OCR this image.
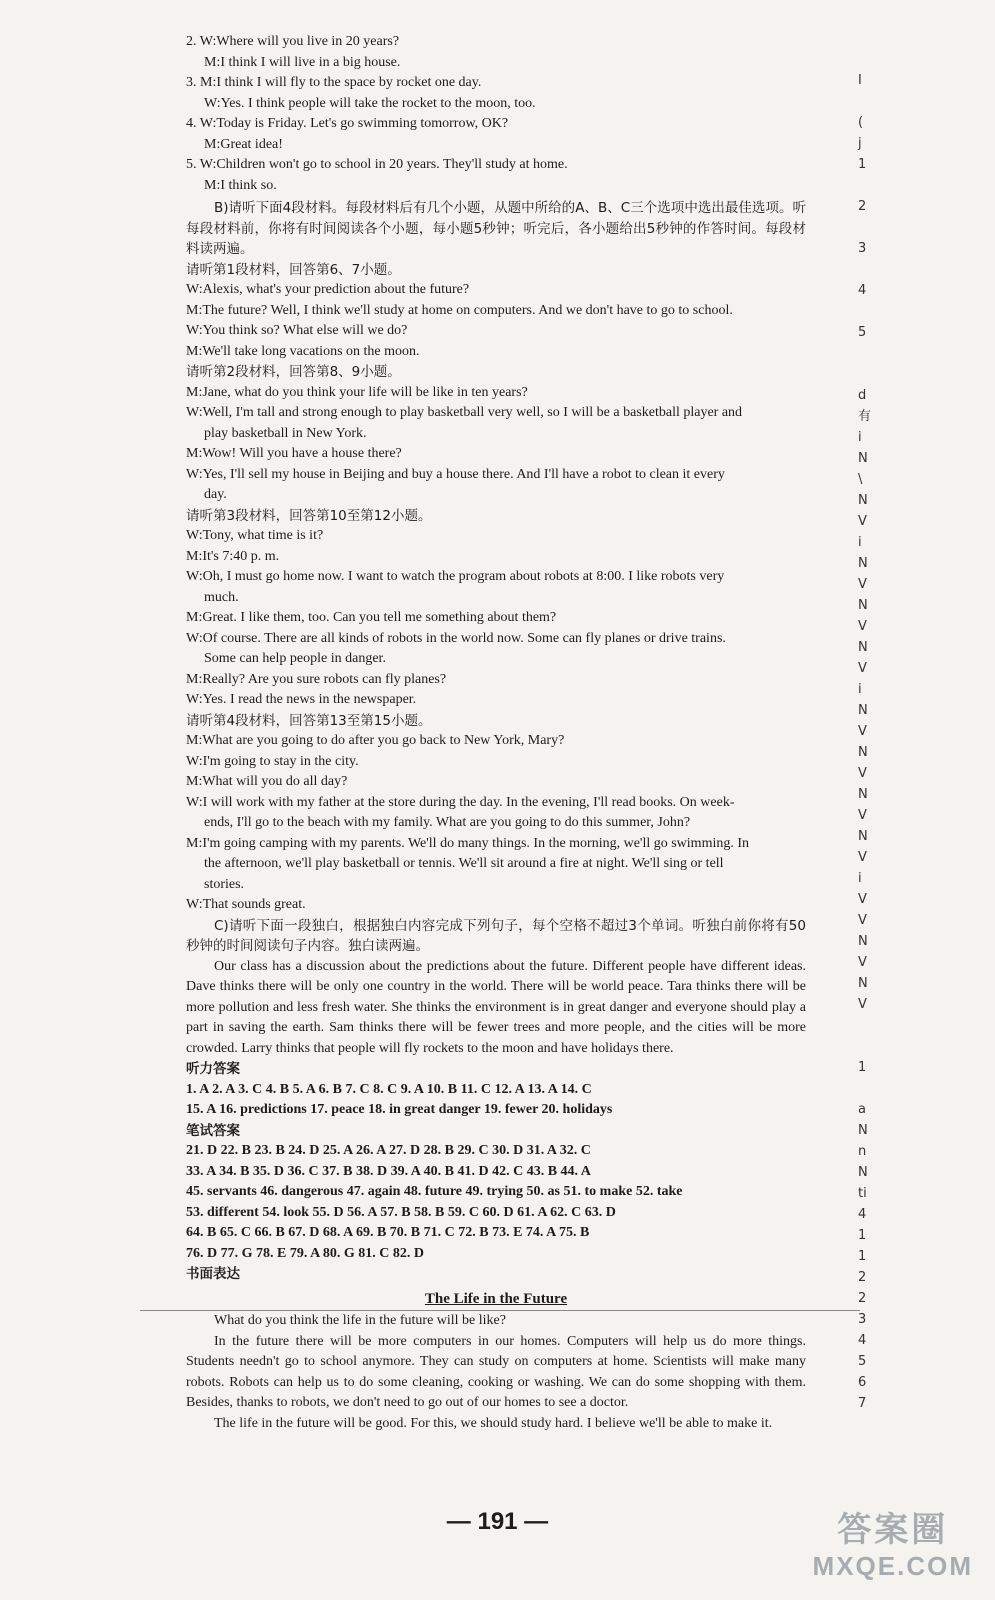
2. W:Where will you live in 20 years?
M:I think I will live in a big house.
3. M:I think I will fly to the space by rocket one day.
W:Yes. I think people will take the rocket to the moon, too.
4. W:Today is Friday. Let's go swimming tomorrow, OK?
M:Great idea!
5. W:Children won't go to school in 20 years. They'll study at home.
M:I think so.
B)请听下面4段材料。每段材料后有几个小题，从题中所给的A、B、C三个选项中选出最佳选项。听每段材料前，你将有时间阅读各个小题，每小题5秒钟；听完后，各小题给出5秒钟的作答时间。每段材料读两遍。
请听第1段材料，回答第6、7小题。
W:Alexis, what's your prediction about the future?
M:The future? Well, I think we'll study at home on computers. And we don't have to go to school.
W:You think so? What else will we do?
M:We'll take long vacations on the moon.
请听第2段材料，回答第8、9小题。
M:Jane, what do you think your life will be like in ten years?
W:Well, I'm tall and strong enough to play basketball very well, so I will be a basketball player and
play basketball in New York.
M:Wow! Will you have a house there?
W:Yes, I'll sell my house in Beijing and buy a house there. And I'll have a robot to clean it every
day.
请听第3段材料，回答第10至第12小题。
W:Tony, what time is it?
M:It's 7:40 p. m.
W:Oh, I must go home now. I want to watch the program about robots at 8:00. I like robots very
much.
M:Great. I like them, too. Can you tell me something about them?
W:Of course. There are all kinds of robots in the world now. Some can fly planes or drive trains.
Some can help people in danger.
M:Really? Are you sure robots can fly planes?
W:Yes. I read the news in the newspaper.
请听第4段材料，回答第13至第15小题。
M:What are you going to do after you go back to New York, Mary?
W:I'm going to stay in the city.
M:What will you do all day?
W:I will work with my father at the store during the day. In the evening, I'll read books. On week-
ends, I'll go to the beach with my family. What are you going to do this summer, John?
M:I'm going camping with my parents. We'll do many things. In the morning, we'll go swimming. In
the afternoon, we'll play basketball or tennis. We'll sit around a fire at night. We'll sing or tell
stories.
W:That sounds great.
C)请听下面一段独白，根据独白内容完成下列句子，每个空格不超过3个单词。听独白前你将有50秒钟的时间阅读句子内容。独白读两遍。
Our class has a discussion about the predictions about the future. Different people have different ideas. Dave thinks there will be only one country in the world. There will be world peace. Tara thinks there will be more pollution and less fresh water. She thinks the environment is in great danger and everyone should play a part in saving the earth. Sam thinks there will be fewer trees and more people, and the cities will be more crowded. Larry thinks that people will fly rockets to the moon and have holidays there.
听力答案
1. A 2. A 3. C 4. B 5. A 6. B 7. C 8. C 9. A 10. B 11. C 12. A 13. A 14. C
15. A 16. predictions 17. peace 18. in great danger 19. fewer 20. holidays
笔试答案
21. D 22. B 23. B 24. D 25. A 26. A 27. D 28. B 29. C 30. D 31. A 32. C
33. A 34. B 35. D 36. C 37. B 38. D 39. A 40. B 41. D 42. C 43. B 44. A
45. servants 46. dangerous 47. again 48. future 49. trying 50. as 51. to make 52. take
53. different 54. look 55. D 56. A 57. B 58. B 59. C 60. D 61. A 62. C 63. D
64. B 65. C 66. B 67. D 68. A 69. B 70. B 71. C 72. B 73. E 74. A 75. B
76. D 77. G 78. E 79. A 80. G 81. C 82. D
书面表达
The Life in the Future
What do you think the life in the future will be like?
In the future there will be more computers in our homes. Computers will help us do more things. Students needn't go to school anymore. They can study on computers at home. Scientists will make many robots. Robots can help us to do some cleaning, cooking or washing. We can do some shopping with them. Besides, thanks to robots, we don't need to go out of our homes to see a doctor.
The life in the future will be good. For this, we should study hard. I believe we'll be able to make it.
I
(
j
1
2
3
4
5
d
有
i
N
\
N
V
i
N
V
N
V
N
V
i
N
V
N
V
N
V
N
V
i
V
V
N
V
N
V
1
a
N
n
N
ti
4
1
1
2
2
3
4
5
6
7
— 191 —	答案圈
MXQE.COM
